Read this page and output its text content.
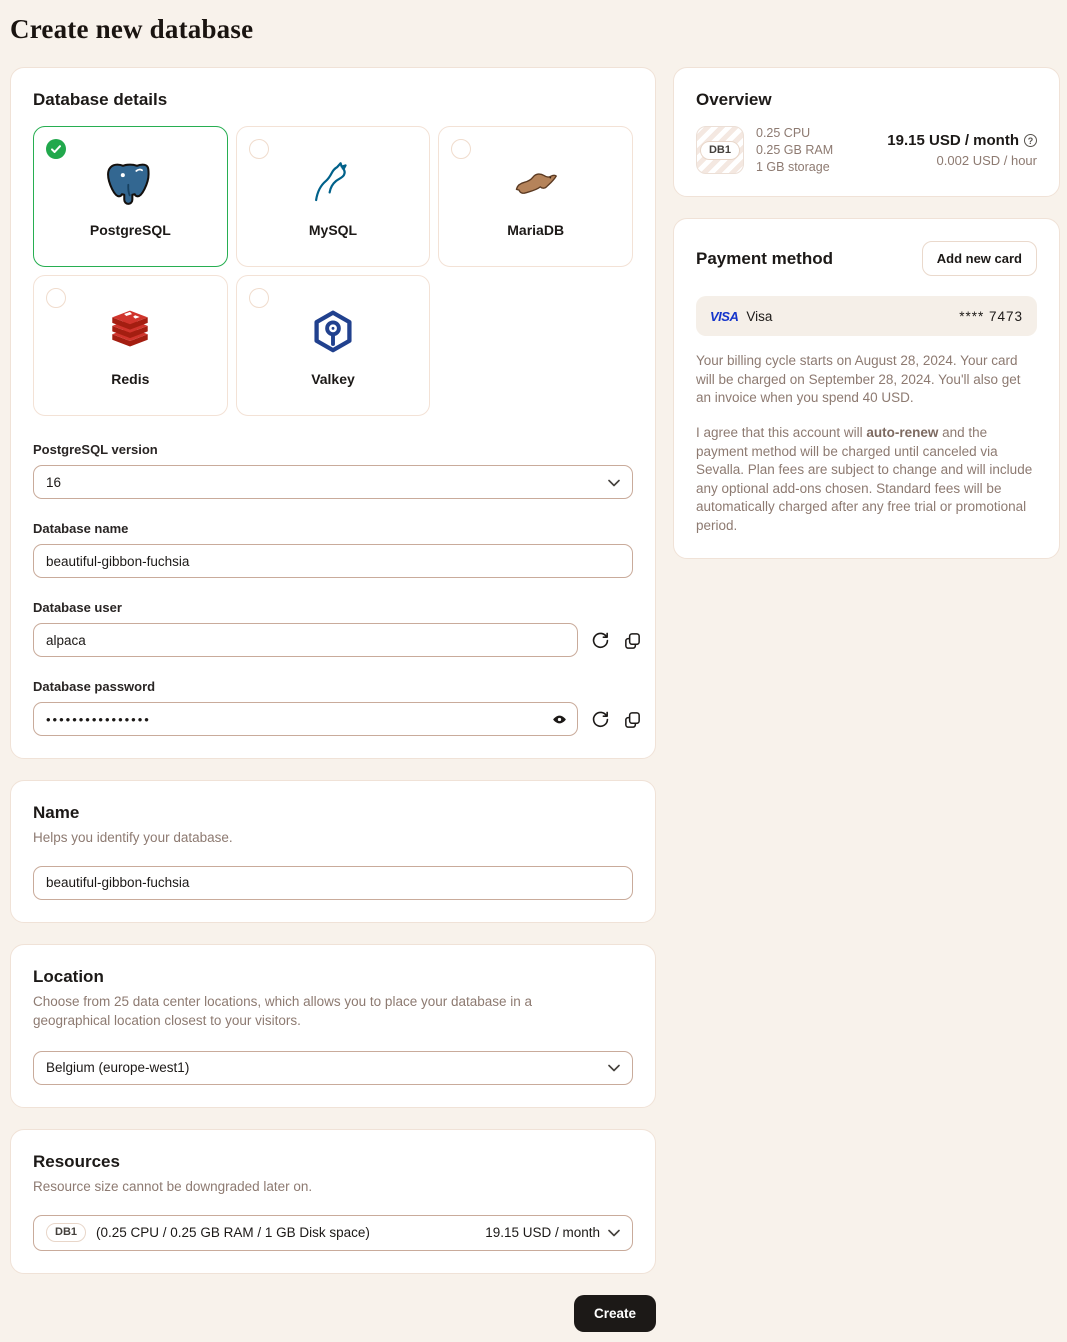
Create new database
Database details
PostgreSQL	MySQL	MariaDB
Redis	Valkey
PostgreSQL version
16
Database name
beautiful-gibbon-fuchsia
Database user
alpaca
Database password
••••••••••••••••
Name
Helps you identify your database.
beautiful-gibbon-fuchsia
Location
Choose from 25 data center locations, which allows you to place your database in a geographical location closest to your visitors.
Belgium (europe-west1)
Resources
Resource size cannot be downgraded later on.
DB1	(0.25 CPU / 0.25 GB RAM / 1 GB Disk space)	19.15 USD / month
Create
Overview
DB1
0.25 CPU
0.25 GB RAM
1 GB storage
19.15 USD / month ?
0.002 USD / hour
Payment method	Add new card
VISA Visa	**** 7473

Your billing cycle starts on August 28, 2024. Your card will be charged on September 28, 2024. You'll also get an invoice when you spend 40 USD.

I agree that this account will auto-renew and the payment method will be charged until canceled via Sevalla. Plan fees are subject to change and will include any optional add-ons chosen. Standard fees will be automatically charged after any free trial or promotional period.
